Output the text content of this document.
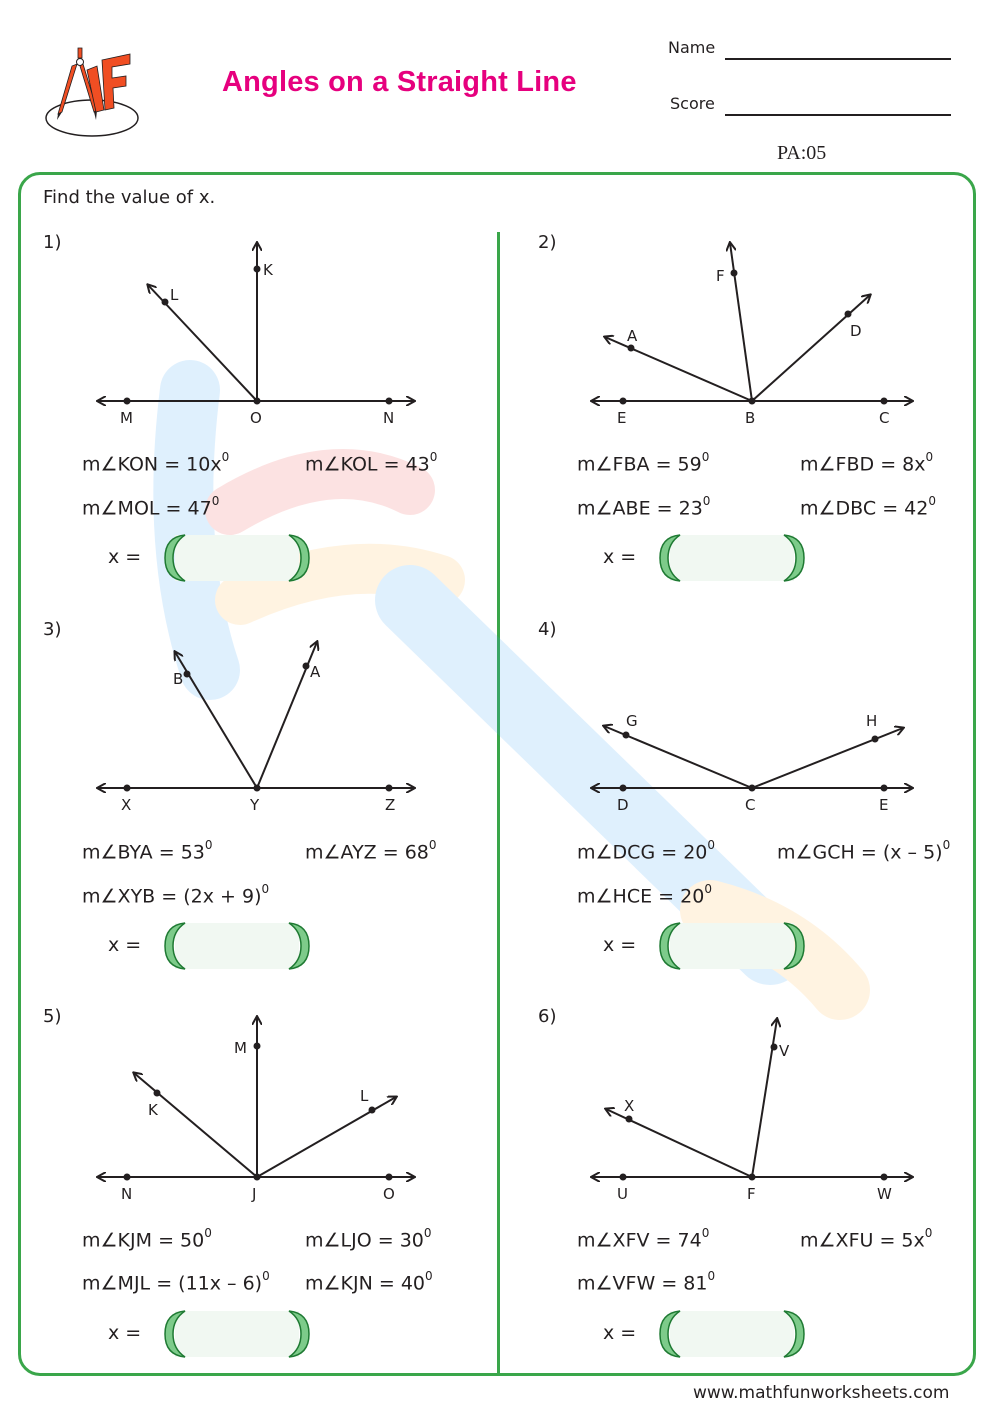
Angles on a Straight Line
Name
Score
PA:05
Find the value of x.
1)
M	O	N
L
K
m∠KON = $10x^0$	m∠KOL = $43^0$
m∠MOL = $47^0$
x =
2)
E	B	C
A
F
D
m∠FBA = $59^0$	m∠FBD = $8x^0$
m∠ABE = $23^0$	m∠DBC = $42^0$
x =
3)
X	Y	Z
B	A
m∠BYA = $53^0$	m∠AYZ = $68^0$
m∠XYB = $(2x + 9)^0$
x =
4)
D	C	E
G	H
m∠DCG = $20^0$	m∠GCH = (x – 5)$^0$
m∠HCE = $20^0$
x =
5)
N	J	O
K
M
L
m∠KJM = $50^0$	m∠LJO = $30^0$
m∠MJL = (11x – 6)$^0$ m∠KJN = $40^0$
x =
6)
U	F	W
X
V
m∠XFV = $74^0$	m∠XFU = $5x^0$
m∠VFW = $81^0$
x =
www.mathfunworksheets.com
